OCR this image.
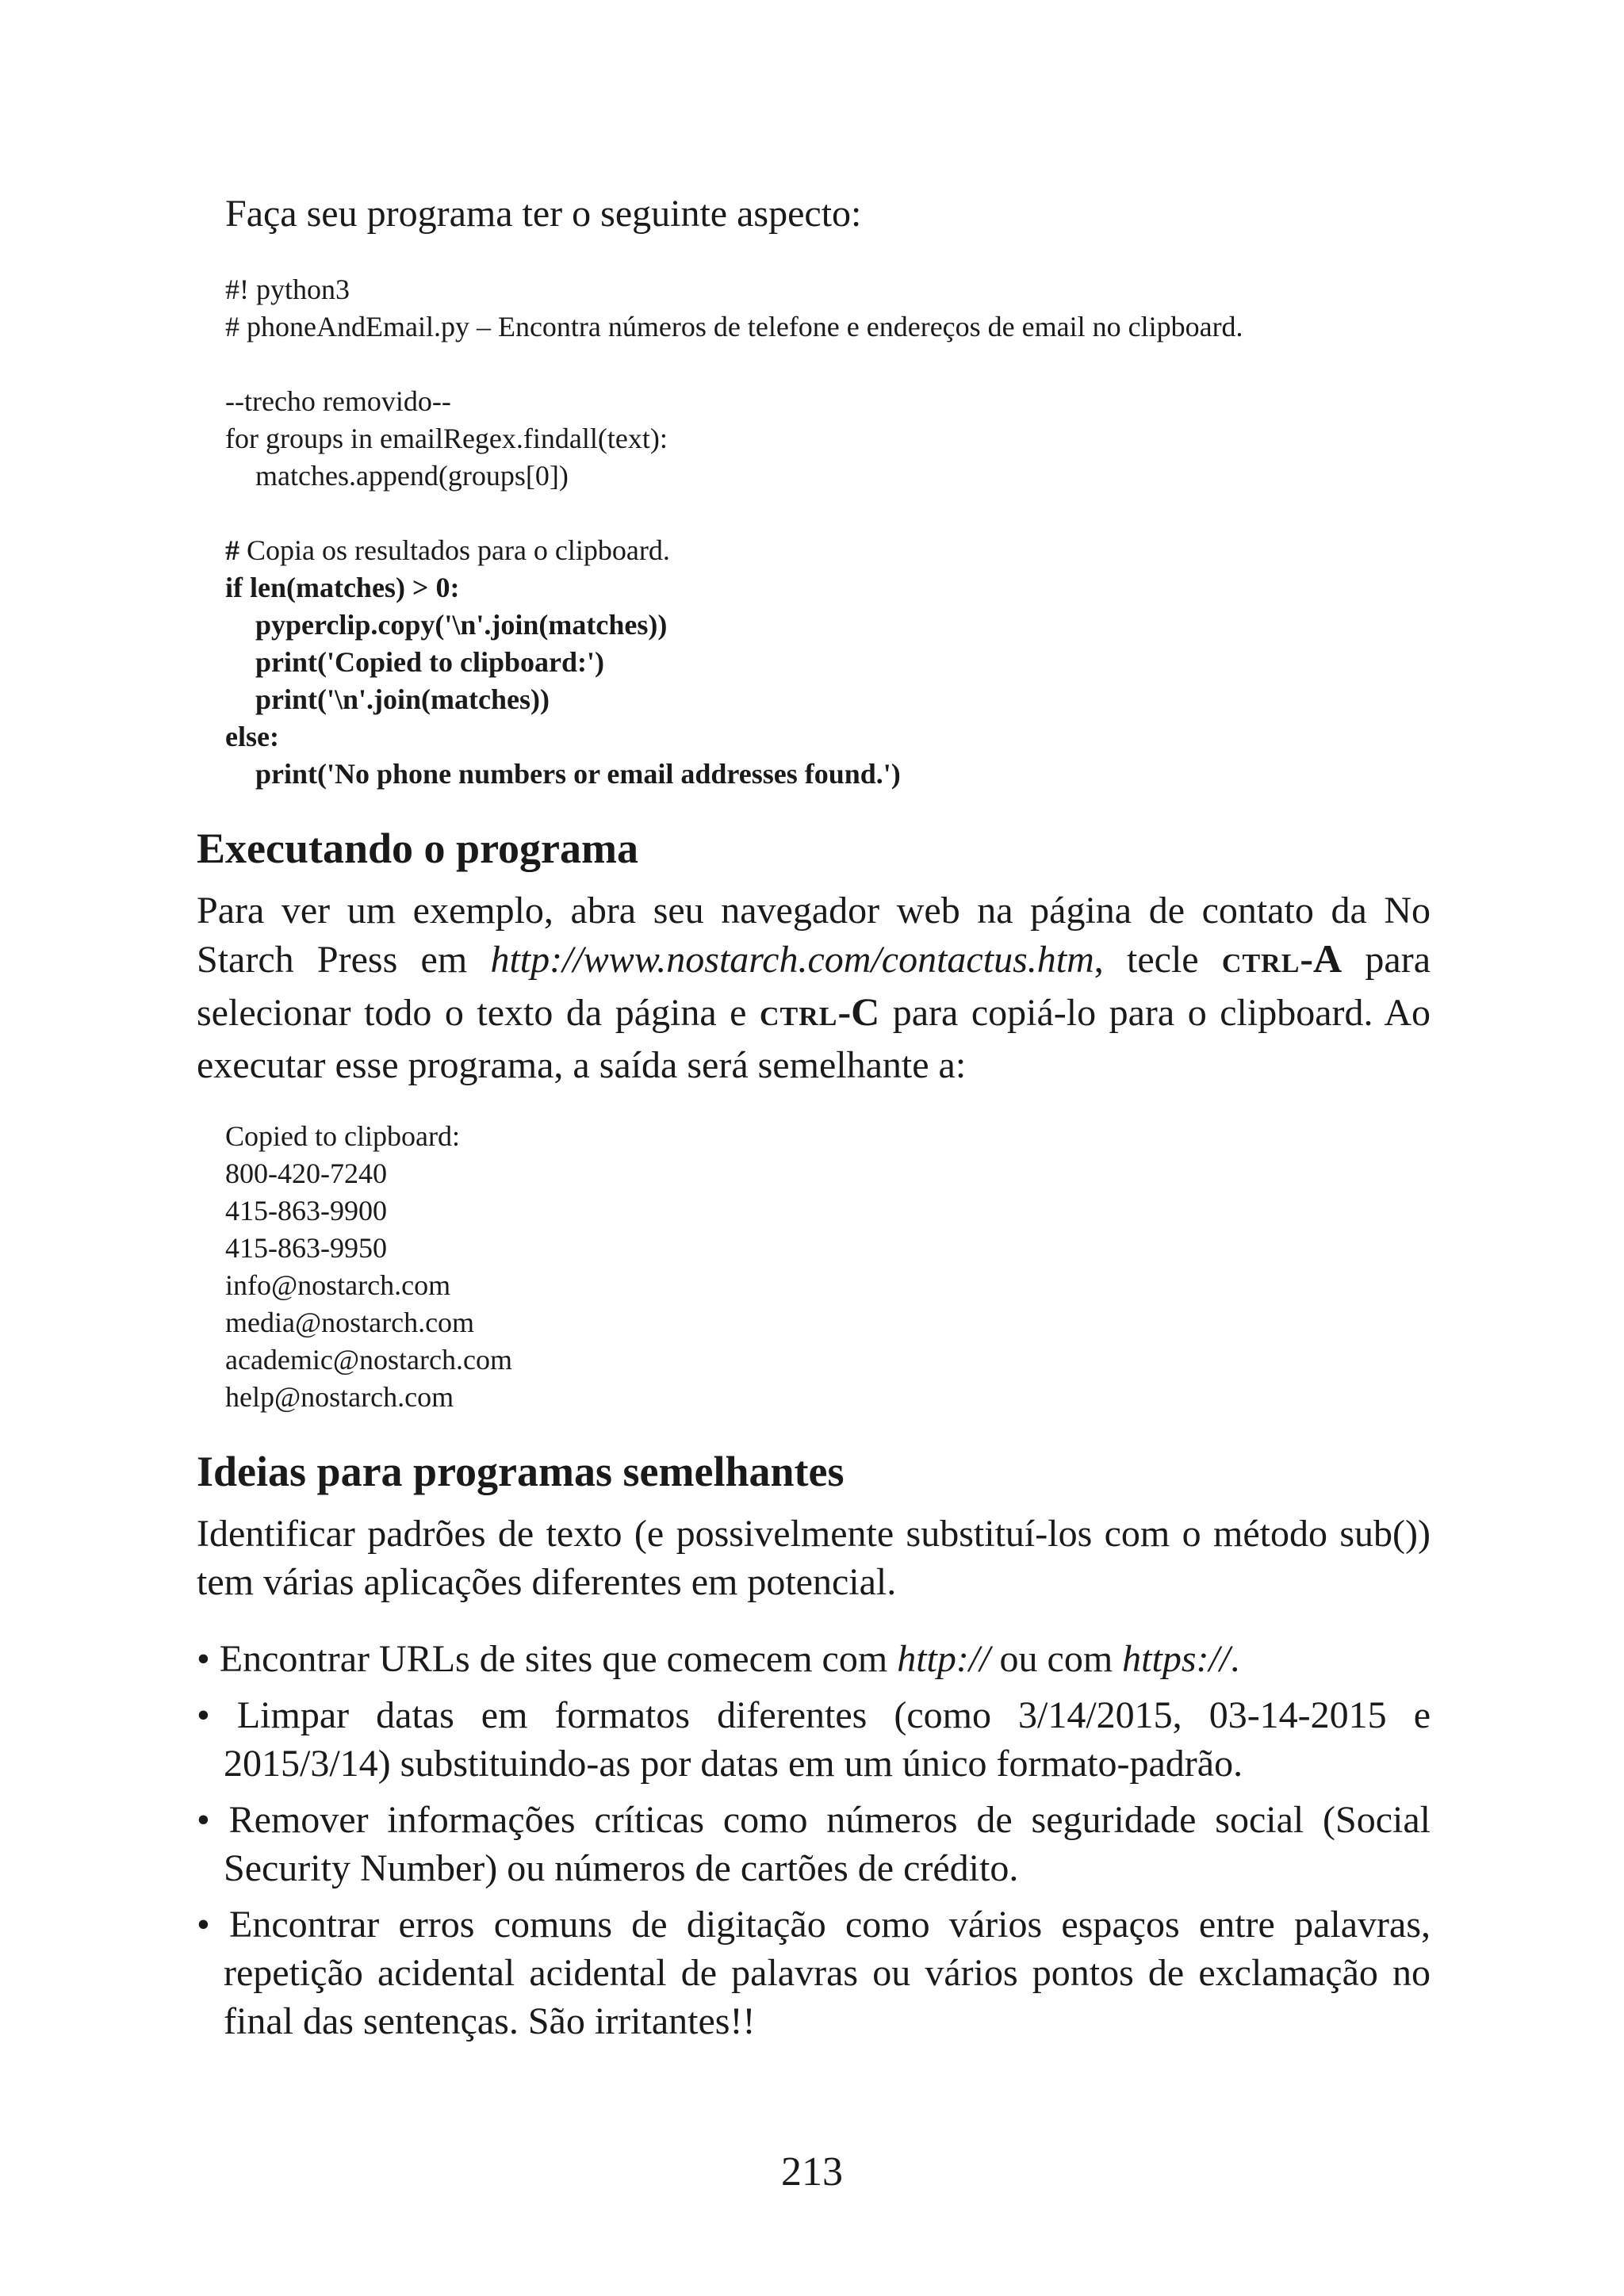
Faça seu programa ter o seguinte aspecto:
#! python3
# phoneAndEmail.py – Encontra números de telefone e endereços de email no clipboard.
--trecho removido--
for groups in emailRegex.findall(text):
matches.append(groups[0])
# Copia os resultados para o clipboard.
if len(matches) > 0:
pyperclip.copy('\n'.join(matches))
print('Copied to clipboard:')
print('\n'.join(matches))
else:
print('No phone numbers or email addresses found.')
Executando o programa

Para ver um exemplo, abra seu navegador web na página de contato da No Starch Press em http://www.nostarch.com/contactus.htm, tecle CTRL-A para selecionar todo o texto da página e CTRL-C para copiá-lo para o clipboard. Ao executar esse programa, a saída será semelhante a:

Copied to clipboard:
800-420-7240
415-863-9900
415-863-9950
info@nostarch.com
media@nostarch.com
academic@nostarch.com
help@nostarch.com
Ideias para programas semelhantes

Identificar padrões de texto (e possivelmente substituí-los com o método sub()) tem várias aplicações diferentes em potencial.

• Encontrar URLs de sites que comecem com http:// ou com https://.
• Limpar datas em formatos diferentes (como 3/14/2015, 03-14-2015 e 2015/3/14) substituindo-as por datas em um único formato-padrão.
• Remover informações críticas como números de seguridade social (Social Security Number) ou números de cartões de crédito.
• Encontrar erros comuns de digitação como vários espaços entre palavras, repetição acidental acidental de palavras ou vários pontos de exclamação no final das sentenças. São irritantes!!
213
